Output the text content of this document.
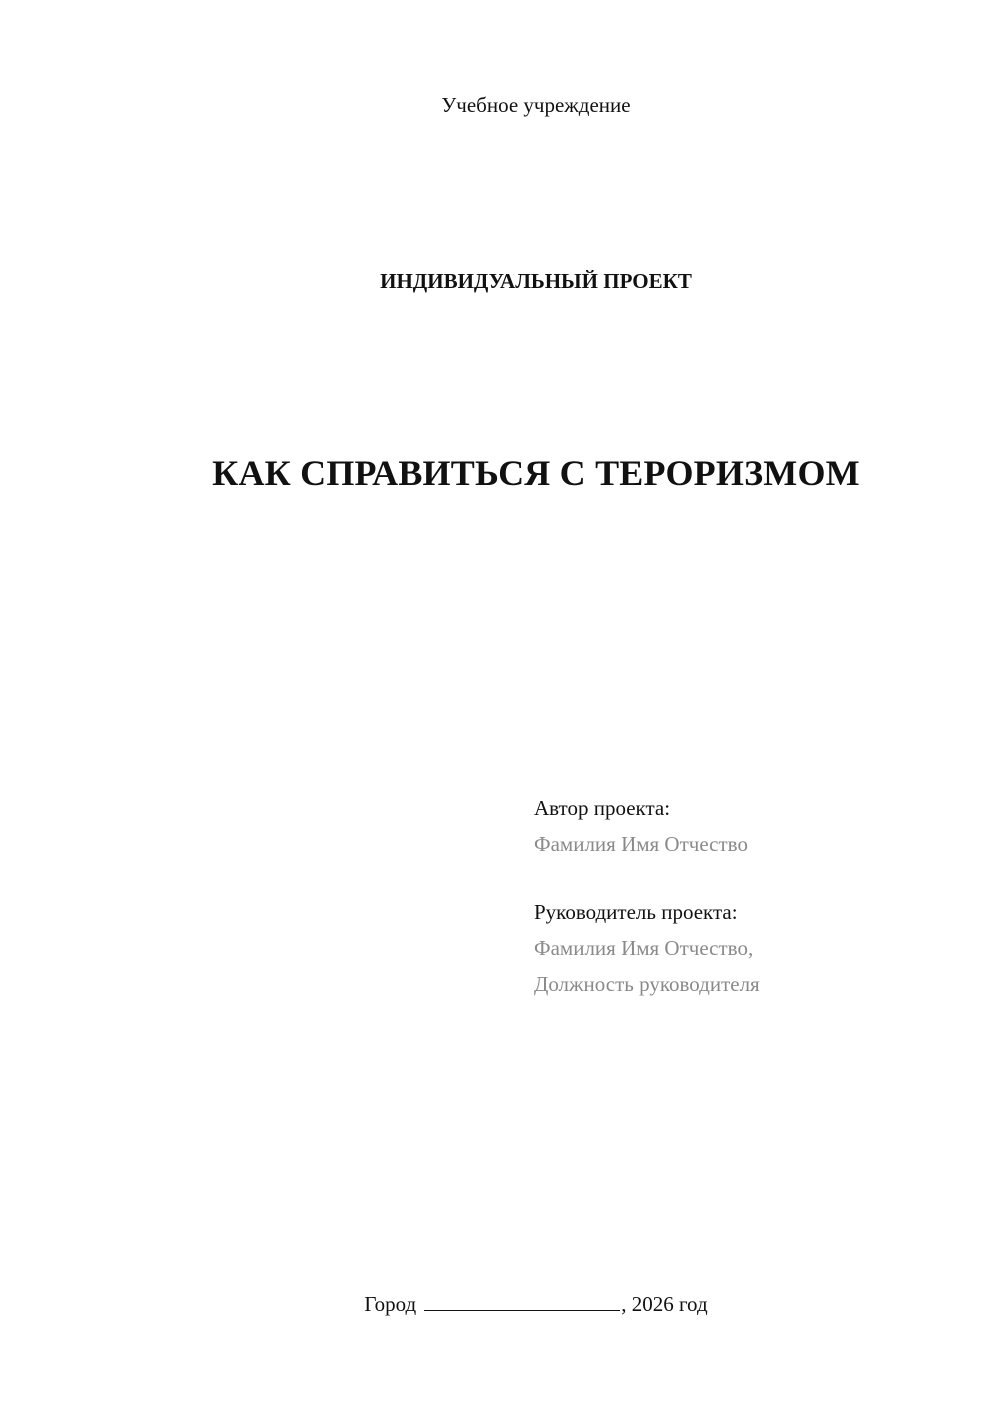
Учебное учреждение
ИНДИВИДУАЛЬНЫЙ ПРОЕКТ
КАК СПРАВИТЬСЯ С ТЕРОРИЗМОМ
Автор проекта:
Фамилия Имя Отчество
Руководитель проекта:
Фамилия Имя Отчество,
Должность руководителя
Город	, 2026 год
